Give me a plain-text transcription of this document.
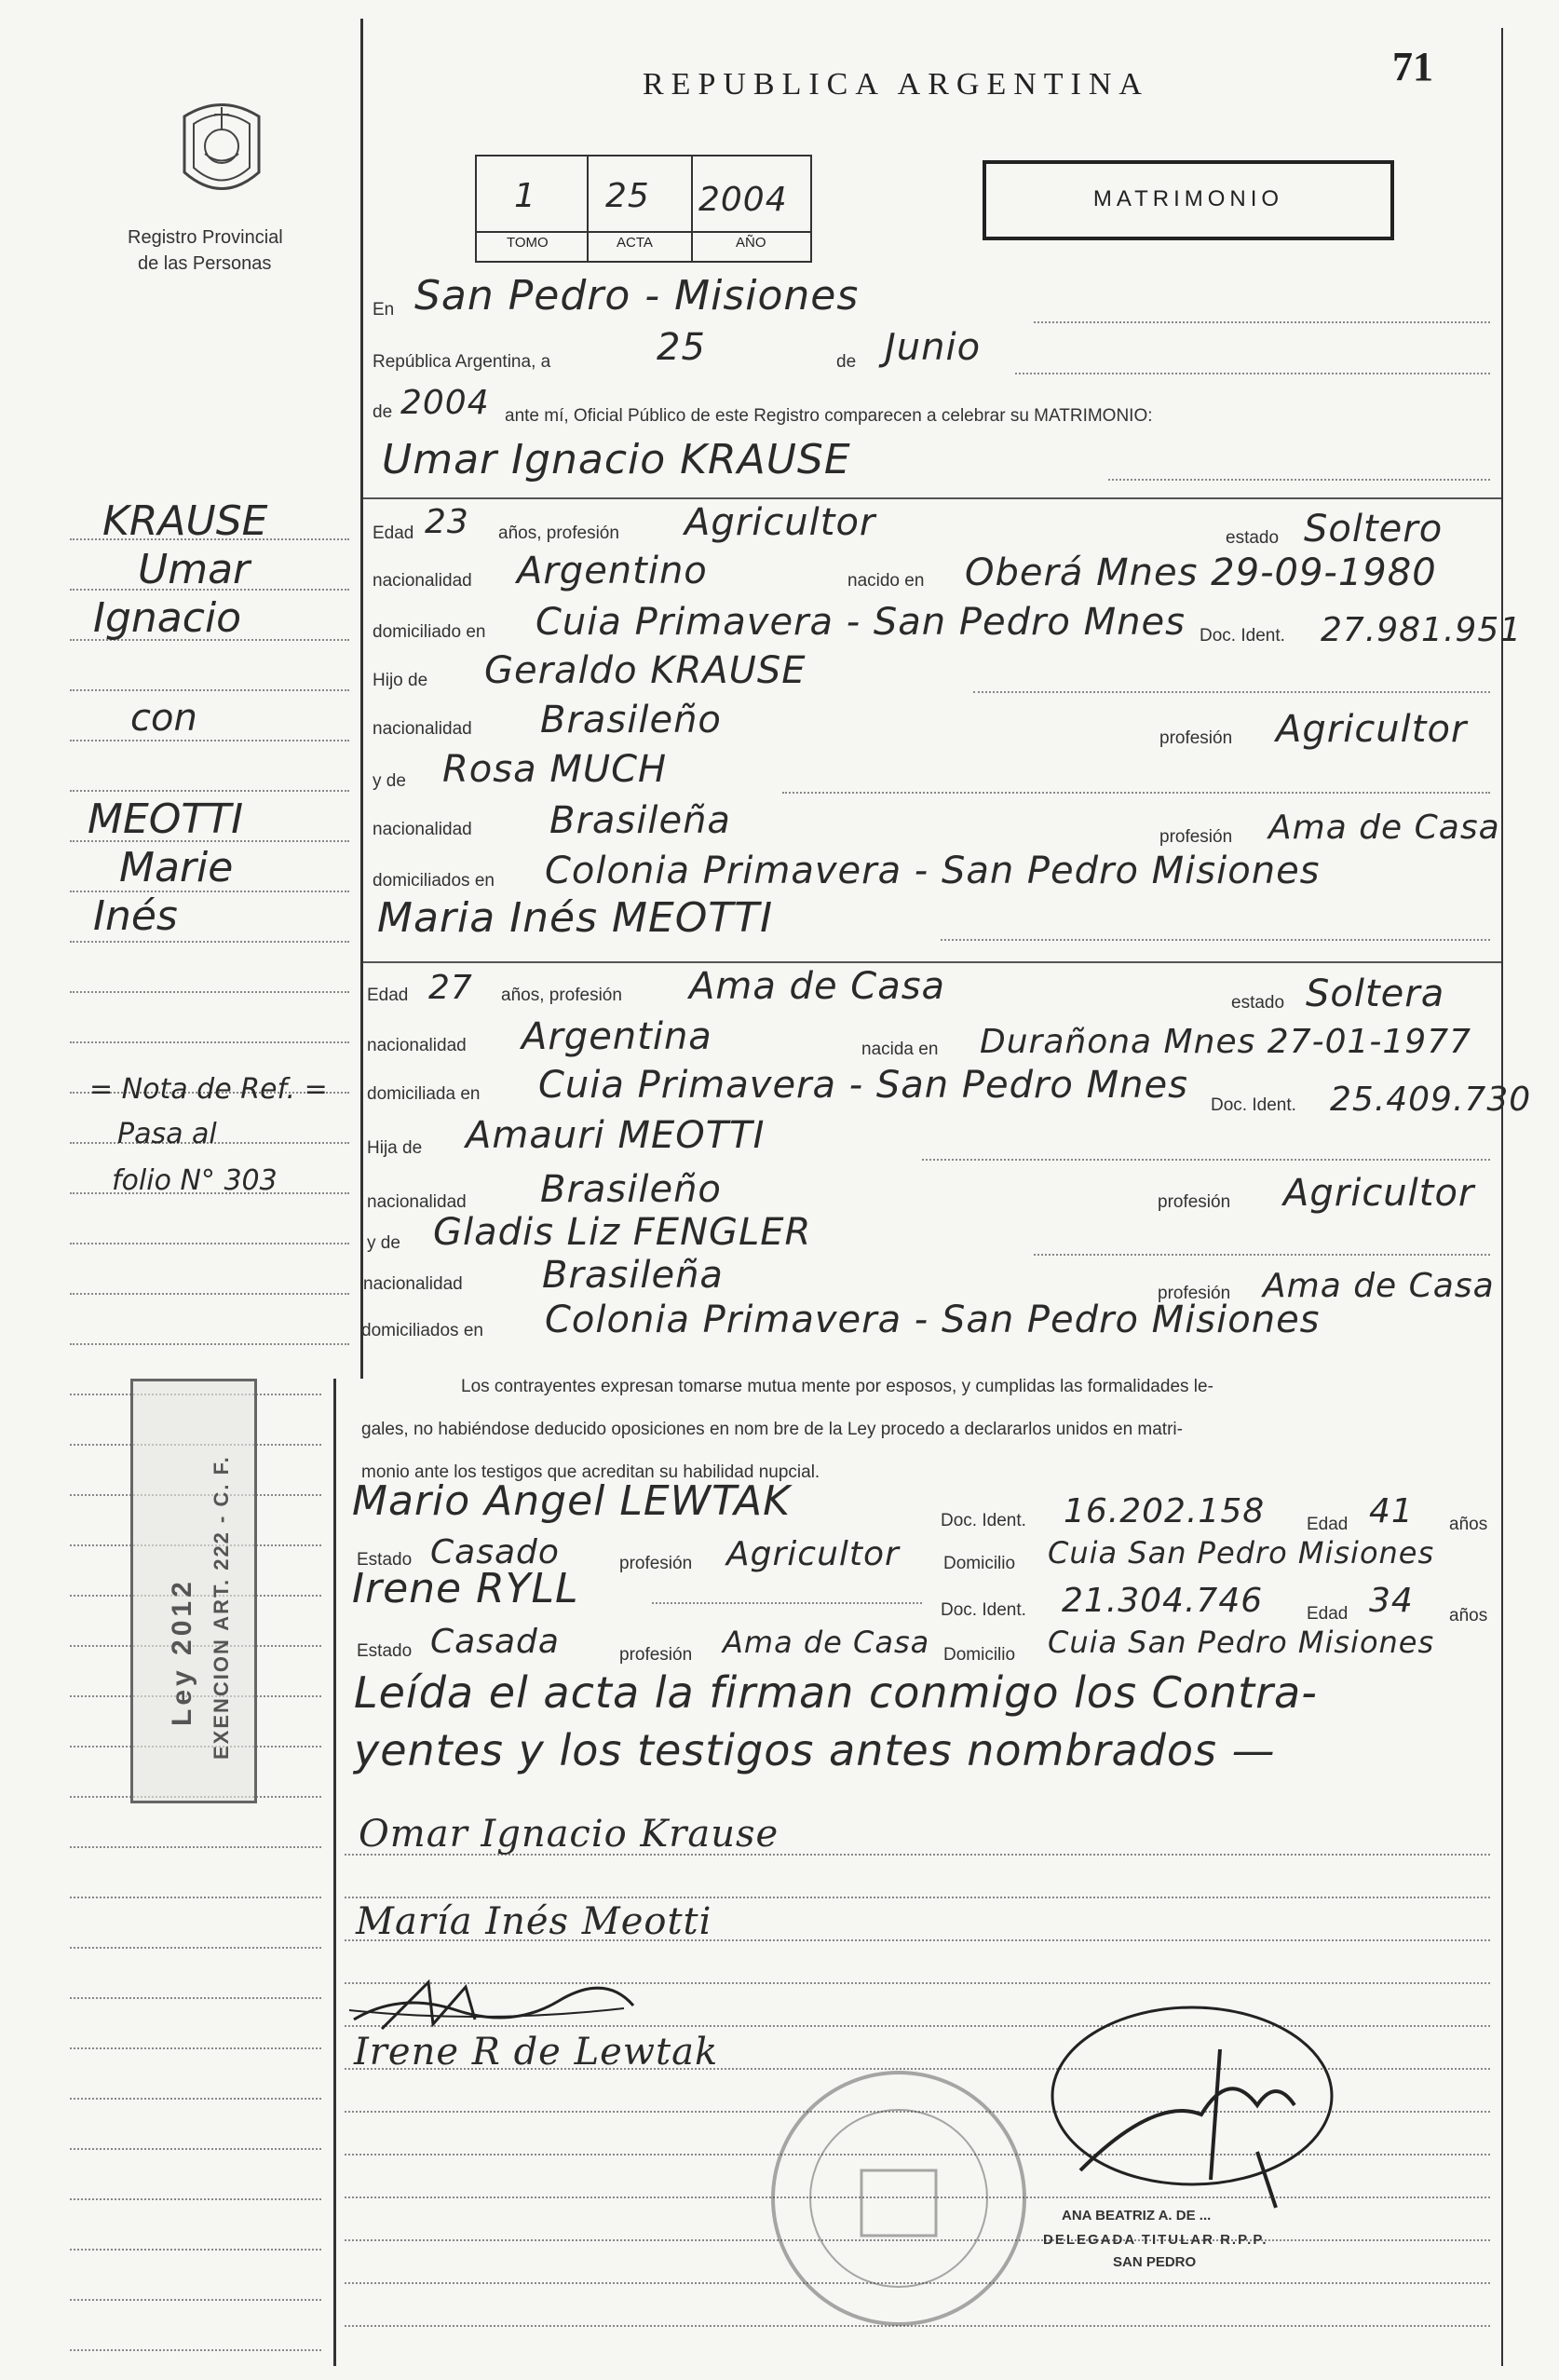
REPUBLICA ARGENTINA	71
Registro Provincial
de las Personas
1 25 2004
TOMO	ACTA	AÑO
MATRIMONIO
En San Pedro - Misiones
República Argentina, a	25	de Junio
de 2004 ante mí, Oficial Público de este Registro comparecen a celebrar su MATRIMONIO:
Umar Ignacio KRAUSE
Edad 23 años, profesión Agricultor	estado Soltero
nacionalidad Argentino	nacido en Oberá Mnes 29-09-1980
domiciliado en Cuia Primavera - San Pedro Mnes Doc. Ident. 27.981.951
Hijo de Geraldo KRAUSE
nacionalidad Brasileño	profesión Agricultor
y de Rosa MUCH
nacionalidad Brasileña	profesión Ama de Casa
domiciliados en Colonia Primavera - San Pedro Misiones
Maria Inés MEOTTI
Edad 27 años, profesión Ama de Casa	estado Soltera
nacionalidad Argentina	nacida en Durañona Mnes 27-01-1977
domiciliada en Cuia Primavera - San Pedro Mnes Doc. Ident. 25.409.730
Hija de Amauri MEOTTI
nacionalidad Brasileño	profesión Agricultor
y de Gladis Liz FENGLER
nacionalidad Brasileña	profesión Ama de Casa
domiciliados en Colonia Primavera - San Pedro Misiones
Los contrayentes expresan tomarse mutua mente por esposos, y cumplidas las formalidades le-
gales, no habiéndose deducido oposiciones en nom bre de la Ley procedo a declararlos unidos en matri-
monio ante los testigos que acreditan su habilidad nupcial.
Mario Angel LEWTAK	Doc. Ident. 16.202.158 Edad 41 años
Estado Casado	profesión Agricultor Domicilio Cuia San Pedro Misiones
Irene RYLL	Doc. Ident. 21.304.746 Edad 34 años
Estado Casada	profesión Ama de Casa Domicilio Cuia San Pedro Misiones
Leída el acta la firman conmigo los Contra-
yentes y los testigos antes nombrados —
Omar Ignacio Krause
María Inés Meotti
Irene R de Lewtak
ANA BEATRIZ A. DE ...
DELEGADA TITULAR R.P.P.
SAN PEDRO
KRAUSE
Umar
Ignacio
con
MEOTTI
Marie
Inés
= Nota de Ref. =
Pasa al
folio N° 303
Ley 2012 EXENCION ART. 222 - C. F.
